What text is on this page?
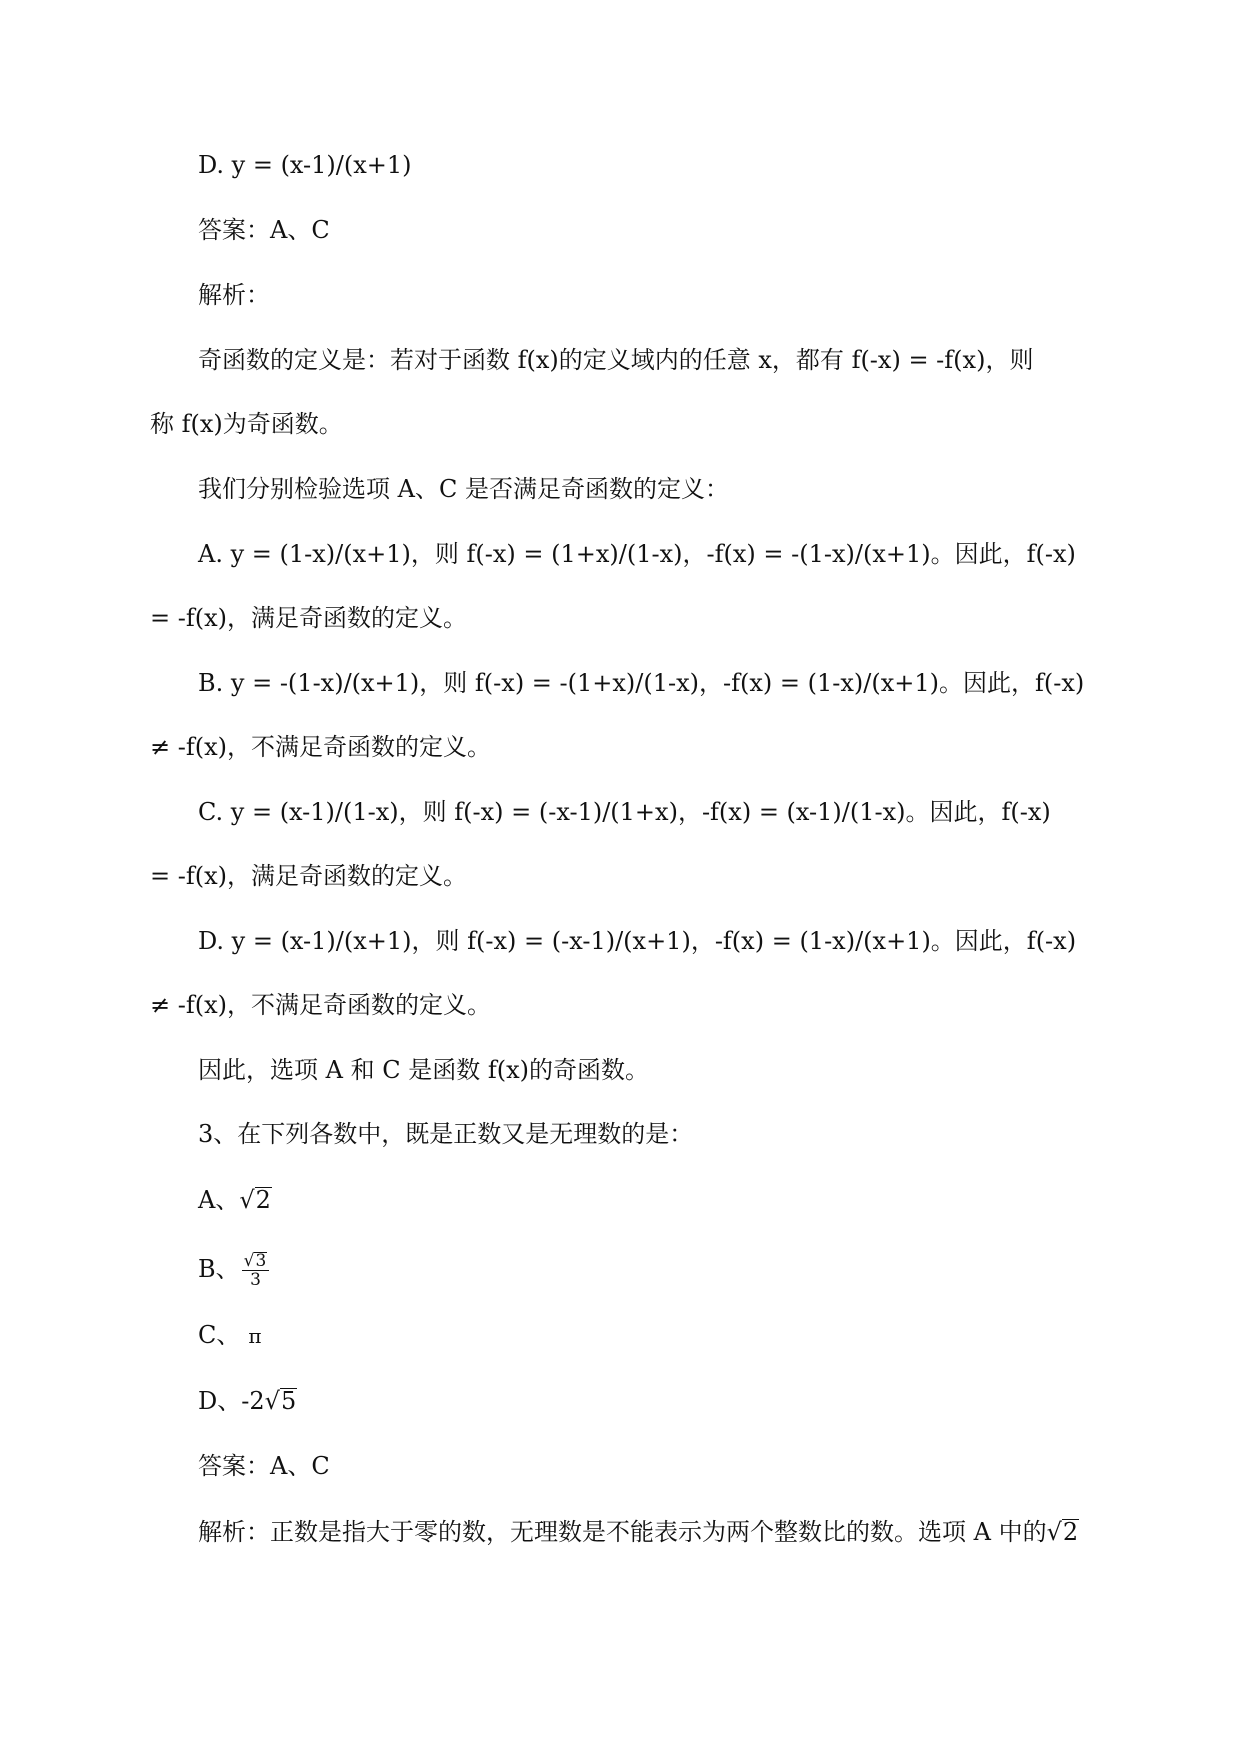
D. y = (x-1)/(x+1)
答案：A、C
解析：
奇函数的定义是：若对于函数 f(x)的定义域内的任意 x，都有 f(-x) = -f(x)，则
称 f(x)为奇函数。
我们分别检验选项 A、C 是否满足奇函数的定义：
A. y = (1-x)/(x+1)，则 f(-x) = (1+x)/(1-x)，-f(x) = -(1-x)/(x+1)。因此，f(-x)
= -f(x)，满足奇函数的定义。
B. y = -(1-x)/(x+1)，则 f(-x) = -(1+x)/(1-x)，-f(x) = (1-x)/(x+1)。因此，f(-x)
≠ -f(x)，不满足奇函数的定义。
C. y = (x-1)/(1-x)，则 f(-x) = (-x-1)/(1+x)，-f(x) = (x-1)/(1-x)。因此，f(-x)
= -f(x)，满足奇函数的定义。
D. y = (x-1)/(x+1)，则 f(-x) = (-x-1)/(x+1)，-f(x) = (1-x)/(x+1)。因此，f(-x)
≠ -f(x)，不满足奇函数的定义。
因此，选项 A 和 C 是函数 f(x)的奇函数。
3、在下列各数中，既是正数又是无理数的是：
A、√2
B、 $\frac{√3}{3}$
C、 π
D、-2√5
答案：A、C
解析：正数是指大于零的数，无理数是不能表示为两个整数比的数。选项 A 中的√2
